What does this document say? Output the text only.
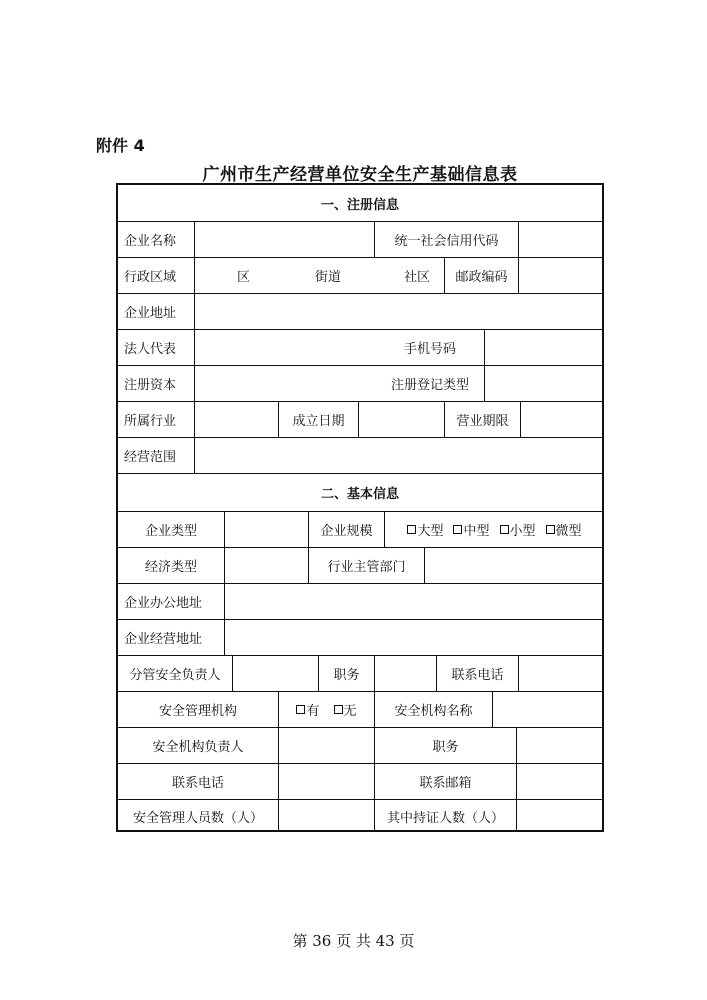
附件 4
广州市生产经营单位安全生产基础信息表
一、注册信息
企业名称	统一社会信用代码
行政区域	区	街道	社区	邮政编码
企业地址
法人代表	手机号码
注册资本	注册登记类型
所属行业	成立日期	营业期限
经营范围
二、基本信息
企业类型	企业规模	大型 中型 小型 微型
经济类型	行业主管部门
企业办公地址
企业经营地址
分管安全负责人	职务	联系电话
安全管理机构	有 无	安全机构名称
安全机构负责人	职务
联系电话	联系邮箱
安全管理人员数（人）	其中持证人数（人）
第 36 页 共 43 页
